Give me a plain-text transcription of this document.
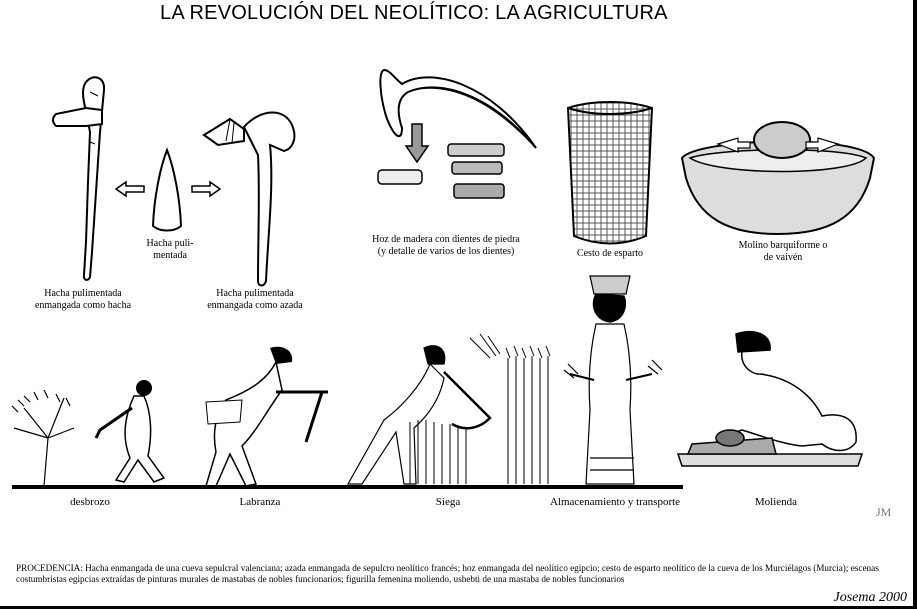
LA REVOLUCIÓN DEL NEOLÍTICO: LA AGRICULTURA
Hacha pulimentada
enmangada como hacha
Hacha puli-
mentada
Hacha pulimentada
enmangada como azada
Hoz de madera con dientes de piedra
(y detalle de varios de los dientes)	Cesto de esparto
Molino barquiforme o
de vaivén
desbrozo	Labranza	Siega	Almacenamiento y transporte	Molienda
JM
PROCEDENCIA: Hacha enmangada de una cueva sepulcral valenciana; azada enmangada de sepulcro neolítico francés; hoz enmangada del neolítico egipcio; cesto de esparto neolítico de la cueva de los Murciélagos (Murcia); escenas costumbristas egipcias extraídas de pinturas murales de mastabas de nobles funcionarios; figurilla femenina moliendo, ushebti de una mastaba de nobles funcionarios
Josema 2000
